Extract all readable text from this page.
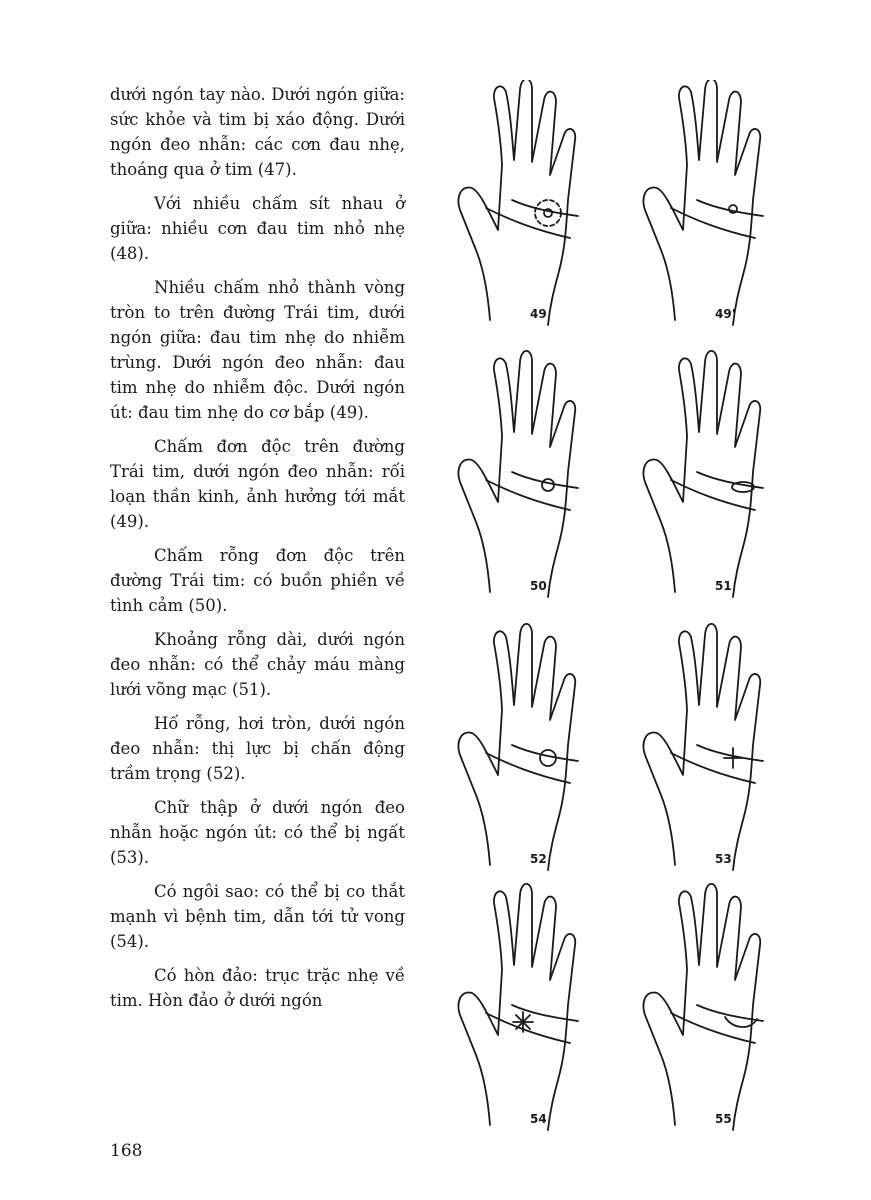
dưới ngón tay nào. Dưới ngón giữa: sức khỏe và tim bị xáo động. Dưới ngón đeo nhẫn: các cơn đau nhẹ, thoáng qua ở tim (47).

Với nhiều chấm sít nhau ở giữa: nhiều cơn đau tim nhỏ nhẹ (48).

Nhiều chấm nhỏ thành vòng tròn to trên đường Trái tim, dưới ngón giữa: đau tim nhẹ do nhiễm trùng. Dưới ngón đeo nhẫn: đau tim nhẹ do nhiễm độc. Dưới ngón út: đau tim nhẹ do cơ bắp (49).

Chấm đơn độc trên đường Trái tim, dưới ngón đeo nhẫn: rối loạn thần kinh, ảnh hưởng tới mắt (49).

Chấm rỗng đơn độc trên đường Trái tim: có buồn phiền về tình cảm (50).

Khoảng rỗng dài, dưới ngón đeo nhẫn: có thể chảy máu màng lưới võng mạc (51).

Hố rỗng, hơi tròn, dưới ngón đeo nhẫn: thị lực bị chấn động trầm trọng (52).

Chữ thập ở dưới ngón đeo nhẫn hoặc ngón út: có thể bị ngất (53).

Có ngôi sao: có thể bị co thắt mạnh vì bệnh tim, dẫn tới tử vong (54).

Có hòn đảo: trục trặc nhẹ về tim. Hòn đảo ở dưới ngón

168
49	49'
50	51
52	53
54	55
